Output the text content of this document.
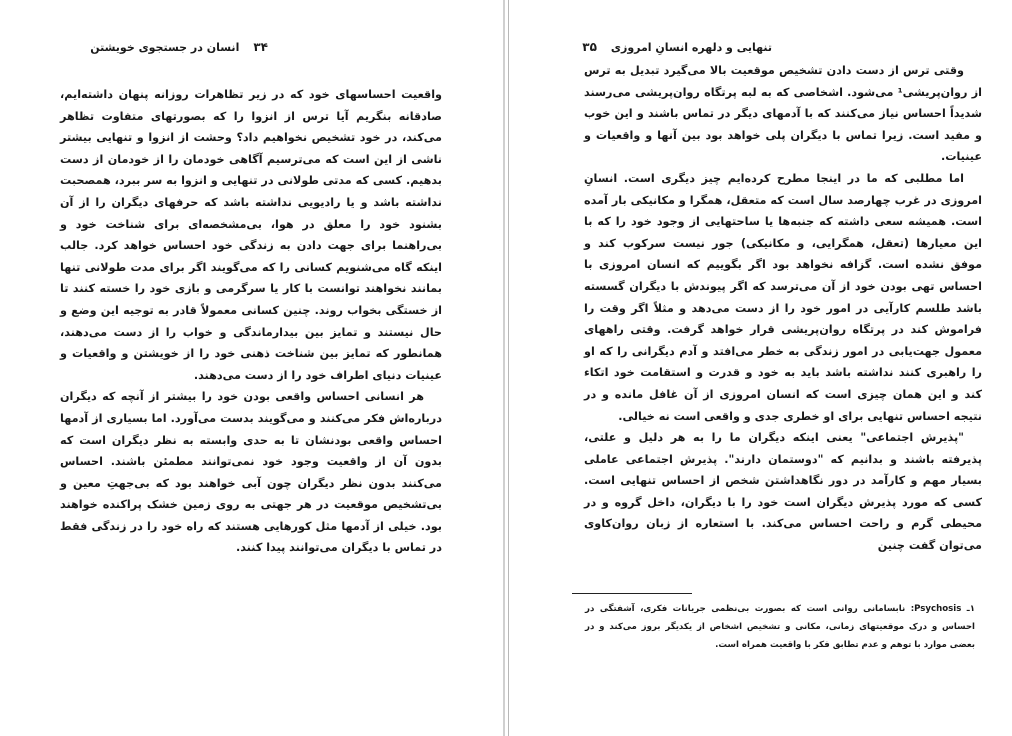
۳۴
انسان در جستجوی خویشتن

واقعیت احساسهای خود که در زیر تظاهرات روزانه پنهان داشته‌ایم، صادقانه بنگریم آیا ترس از انزوا را که بصورتهای متفاوت تظاهر می‌کند، در خود تشخیص نخواهیم داد؟ وحشت از انزوا و تنهایی بیشتر ناشی از این است که می‌ترسیم آگاهی خودمان را از خودمان از دست بدهیم. کسی که مدتی طولانی در تنهایی و انزوا به سر ببرد، همصحبت نداشته باشد و یا رادیویی نداشته باشد که حرفهای دیگران را از آن بشنود خود را معلق در هوا، بی‌مشخصه‌ای برای شناخت خود و بی‌راهنما برای جهت دادن به زندگی خود احساس خواهد کرد. جالب اینکه گاه می‌شنویم کسانی را که می‌گویند اگر برای مدت طولانی تنها بمانند نخواهند توانست با کار یا سرگرمی و بازی خود را خسته کنند تا از خستگی بخواب روند. چنین کسانی معمولاً قادر به توجیه این وضع و حال نیستند و تمایز بین بیدارماندگی و خواب را از دست می‌دهند، همانطور که تمایز بین شناخت ذهنی خود را از خویشتن و واقعیات و عینیات دنیای اطراف خود را از دست می‌دهند.

هر انسانی احساس واقعی بودن خود را بیشتر از آنچه که دیگران درباره‌اش فکر می‌کنند و می‌گویند بدست می‌آورد. اما بسیاری از آدمها احساس واقعی بودنشان تا به حدی وابسته به نظر دیگران است که بدون آن از واقعیت وجود خود نمی‌توانند مطمئن باشند. احساس می‌کنند بدون نظر دیگران چون آبی خواهند بود که بی‌جهتِ معین و بی‌تشخیص موقعیت در هر جهتی به روی زمین خشک پراکنده خواهند بود. خیلی از آدمها مثل کورهایی هستند که راه خود را در زندگی فقط در تماس با دیگران می‌توانند پیدا کنند.

تنهایی و دلهره انسانِ امروزی
۳۵

وقتی ترس از دست دادن تشخیص موقعیت بالا می‌گیرد تبدیل به ترس از روان‌پریشی¹ می‌شود. اشخاصی که به لبه پرتگاه روان‌پریشی می‌رسند شدیداً احساس نیاز می‌کنند که با آدمهای دیگر در تماس باشند و این خوب و مفید است. زیرا تماس با دیگران پلی خواهد بود بین آنها و واقعیات و عینیات.

اما مطلبی که ما در اینجا مطرح کرده‌ایم چیز دیگری است. انسانِ امروزی در غرب چهارصد سال است که متعقل، همگرا و مکانیکی بار آمده است. همیشه سعی داشته که جنبه‌ها یا ساحتهایی از وجود خود را که با این معیارها (تعقل، همگرایی، و مکانیکی) جور نیست سرکوب کند و موفق نشده است. گزافه نخواهد بود اگر بگوییم که انسان امروزی با احساس تهی بودن خود از آن می‌ترسد که اگر پیوندش با دیگران گسسته باشد طلسم کارآیی در امور خود را از دست می‌دهد و مثلاً اگر وقت را فراموش کند در پرتگاه روان‌پریشی قرار خواهد گرفت. وقتی راههای معمول جهت‌یابی در امور زندگی به خطر می‌افتد و آدم دیگرانی را که او را راهبری کنند نداشته باشد باید به خود و قدرت و استقامت خود اتکاء کند و این همان چیزی است که انسان امروزی از آن غافل مانده و در نتیجه احساس تنهایی برای او خطری جدی و واقعی است نه خیالی.

"پذیرش اجتماعی" یعنی اینکه دیگران ما را به هر دلیل و علتی، پذیرفته باشند و بدانیم که "دوستمان دارند". پذیرش اجتماعی عاملی بسیار مهم و کارآمد در دور نگاهداشتن شخص از احساس تنهایی است. کسی که مورد پذیرش دیگران است خود را با دیگران، داخل گروه و در محیطی گرم و راحت احساس می‌کند. با استعاره از زبان روان‌کاوی می‌توان گفت چنین

۱ـ Psychosis: نابسامانی روانی است که بصورت بی‌نظمی جریانات فکری، آشفتگی در احساس و درک موقعیتهای زمانی، مکانی و تشخیص اشخاص از یکدیگر بروز می‌کند و در بعضی موارد با توهم و عدم تطابق فکر با واقعیت همراه است.
